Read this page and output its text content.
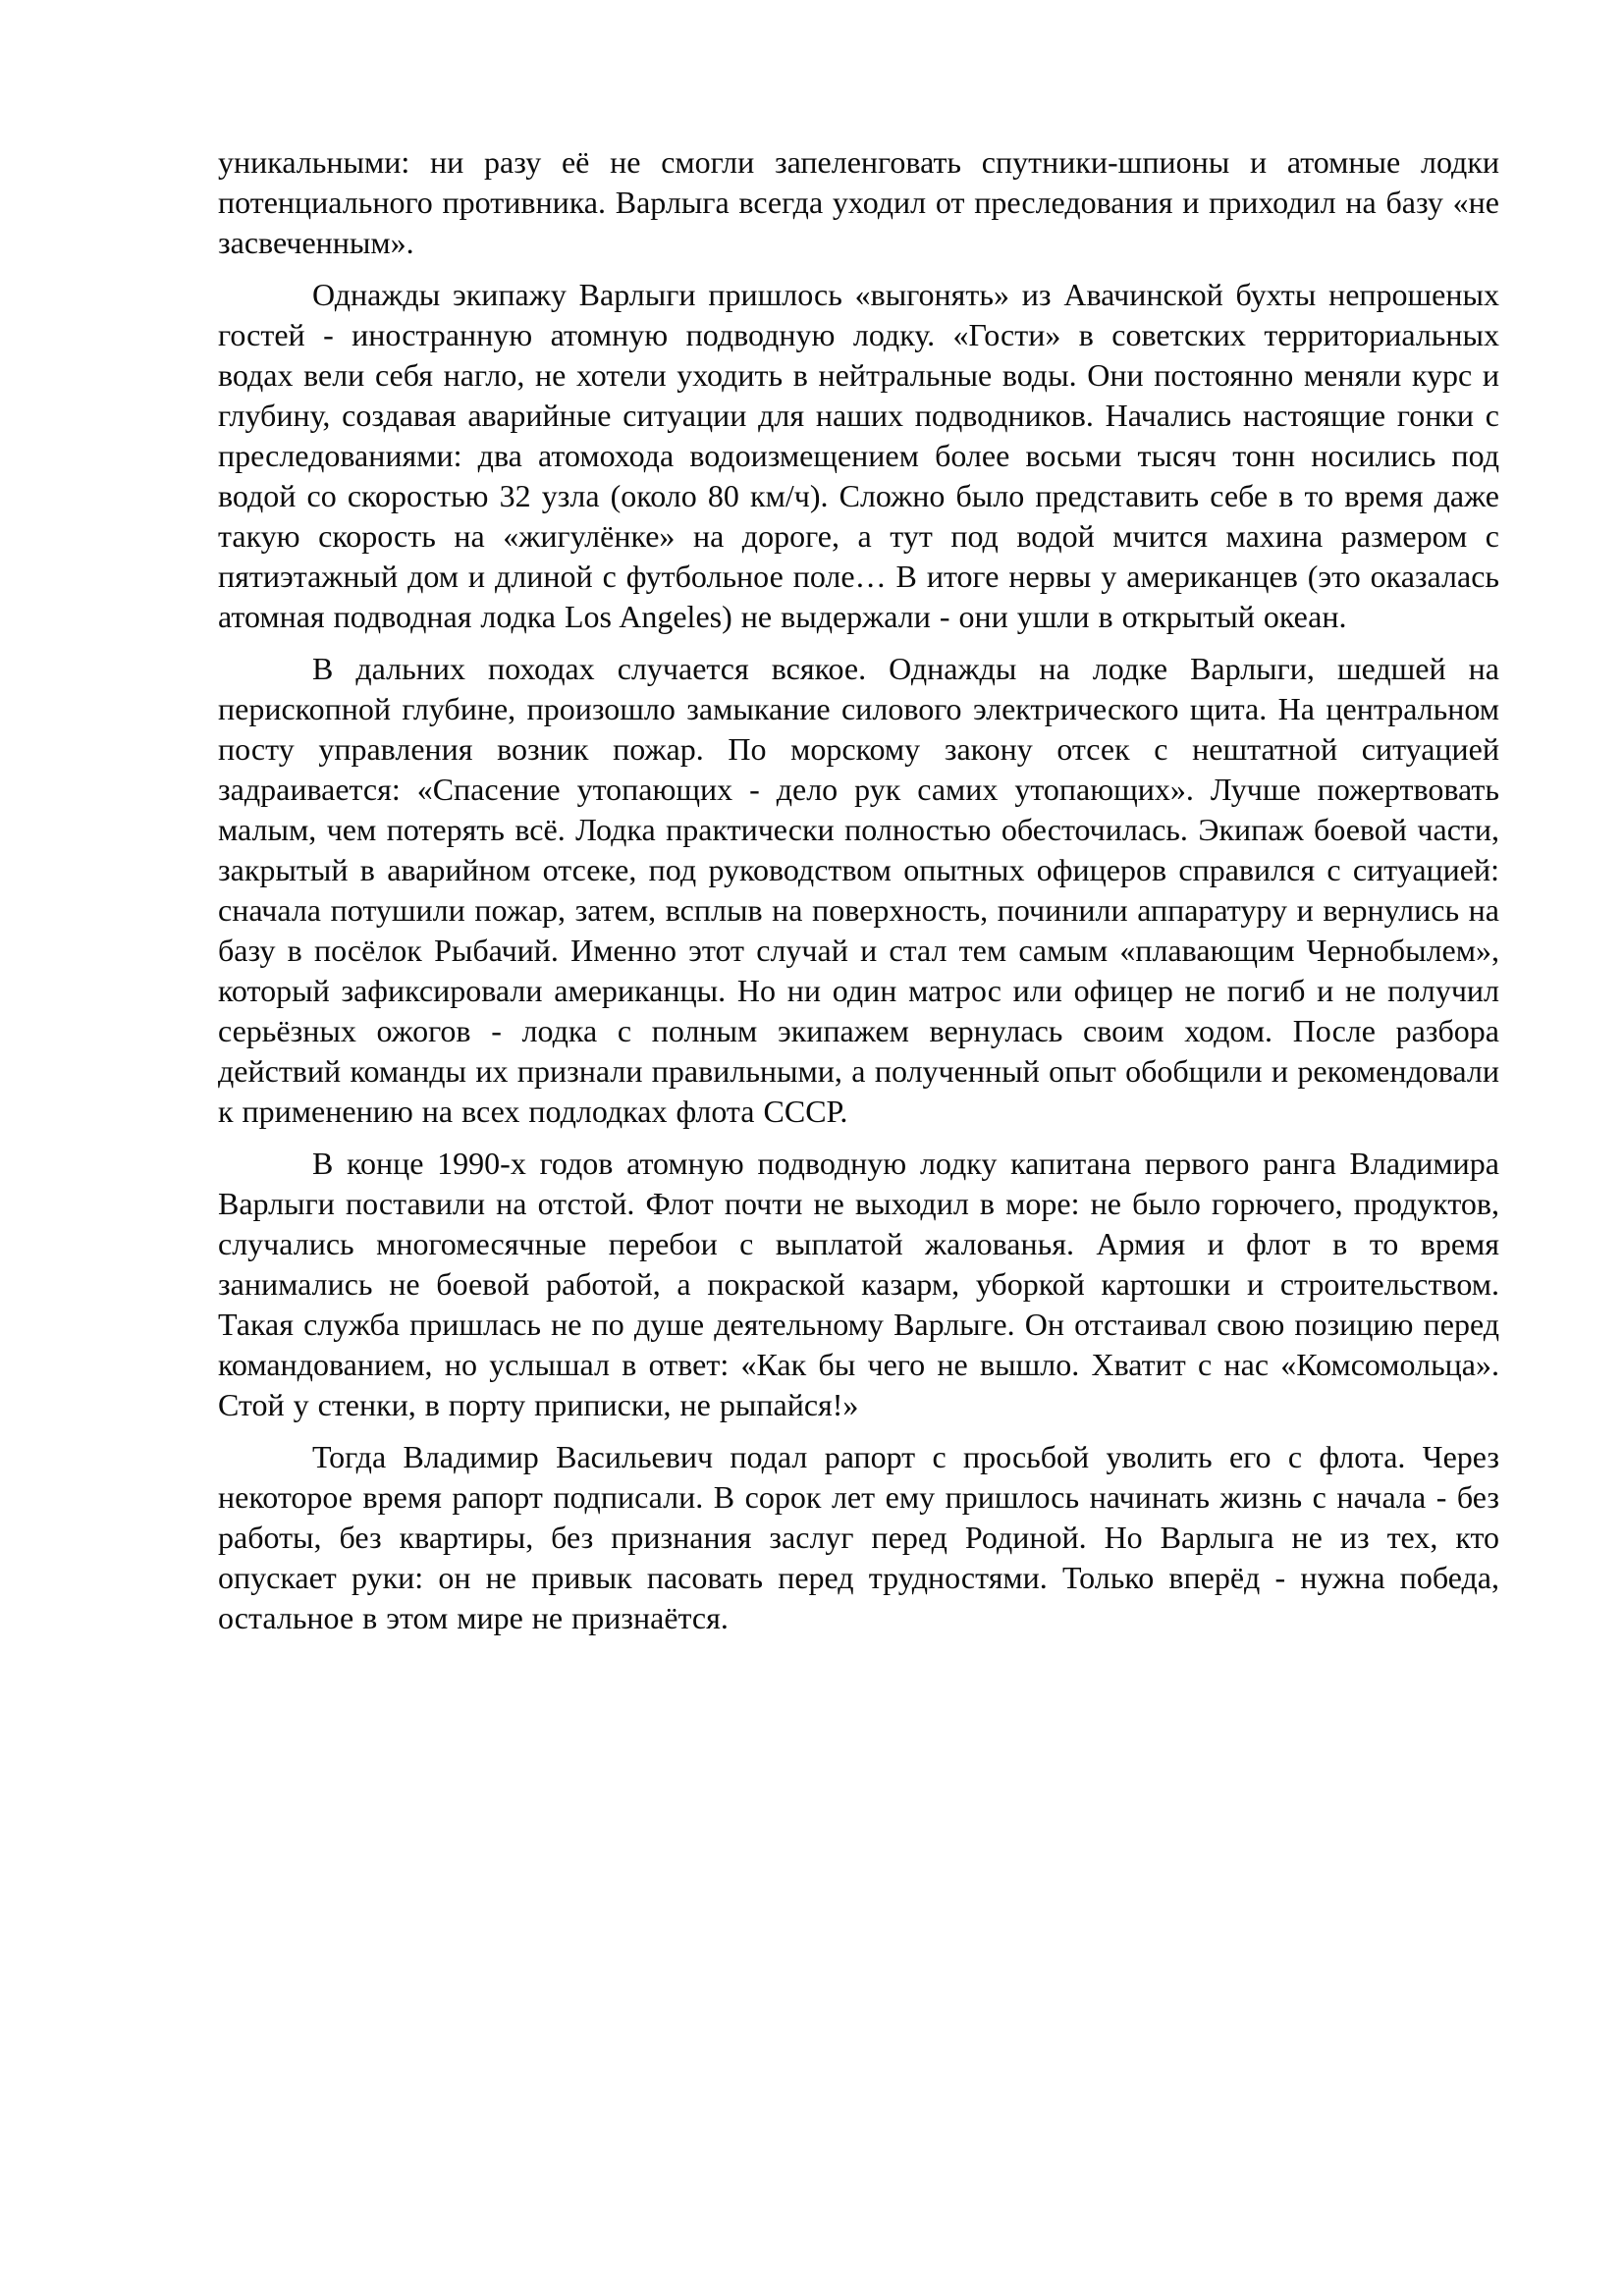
уникальными: ни разу её не смогли запеленговать спутники-шпионы и атомные лодки потенциального противника. Варлыга всегда уходил от преследования и приходил на базу «не засвеченным».

Однажды экипажу Варлыги пришлось «выгонять» из Авачинской бухты непрошеных гостей - иностранную атомную подводную лодку. «Гости» в советских территориальных водах вели себя нагло, не хотели уходить в нейтральные воды. Они постоянно меняли курс и глубину, создавая аварийные ситуации для наших подводников. Начались настоящие гонки с преследованиями: два атомохода водоизмещением более восьми тысяч тонн носились под водой со скоростью 32 узла (около 80 км/ч). Сложно было представить себе в то время даже такую скорость на «жигулёнке» на дороге, а тут под водой мчится махина размером с пятиэтажный дом и длиной с футбольное поле… В итоге нервы у американцев (это оказалась атомная подводная лодка Los Angeles) не выдержали - они ушли в открытый океан.

В дальних походах случается всякое. Однажды на лодке Варлыги, шедшей на перископной глубине, произошло замыкание силового электрического щита. На центральном посту управления возник пожар. По морскому закону отсек с нештатной ситуацией задраивается: «Спасение утопающих - дело рук самих утопающих». Лучше пожертвовать малым, чем потерять всё. Лодка практически полностью обесточилась. Экипаж боевой части, закрытый в аварийном отсеке, под руководством опытных офицеров справился с ситуацией: сначала потушили пожар, затем, всплыв на поверхность, починили аппаратуру и вернулись на базу в посёлок Рыбачий. Именно этот случай и стал тем самым «плавающим Чернобылем», который зафиксировали американцы. Но ни один матрос или офицер не погиб и не получил серьёзных ожогов - лодка с полным экипажем вернулась своим ходом. После разбора действий команды их признали правильными, а полученный опыт обобщили и рекомендовали к применению на всех подлодках флота СССР.

В конце 1990-х годов атомную подводную лодку капитана первого ранга Владимира Варлыги поставили на отстой. Флот почти не выходил в море: не было горючего, продуктов, случались многомесячные перебои с выплатой жалованья. Армия и флот в то время занимались не боевой работой, а покраской казарм, уборкой картошки и строительством. Такая служба пришлась не по душе деятельному Варлыге. Он отстаивал свою позицию перед командованием, но услышал в ответ: «Как бы чего не вышло. Хватит с нас «Комсомольца». Стой у стенки, в порту приписки, не рыпайся!»

Тогда Владимир Васильевич подал рапорт с просьбой уволить его с флота. Через некоторое время рапорт подписали. В сорок лет ему пришлось начинать жизнь с начала - без работы, без квартиры, без признания заслуг перед Родиной. Но Варлыга не из тех, кто опускает руки: он не привык пасовать перед трудностями. Только вперёд - нужна победа, остальное в этом мире не признаётся.
